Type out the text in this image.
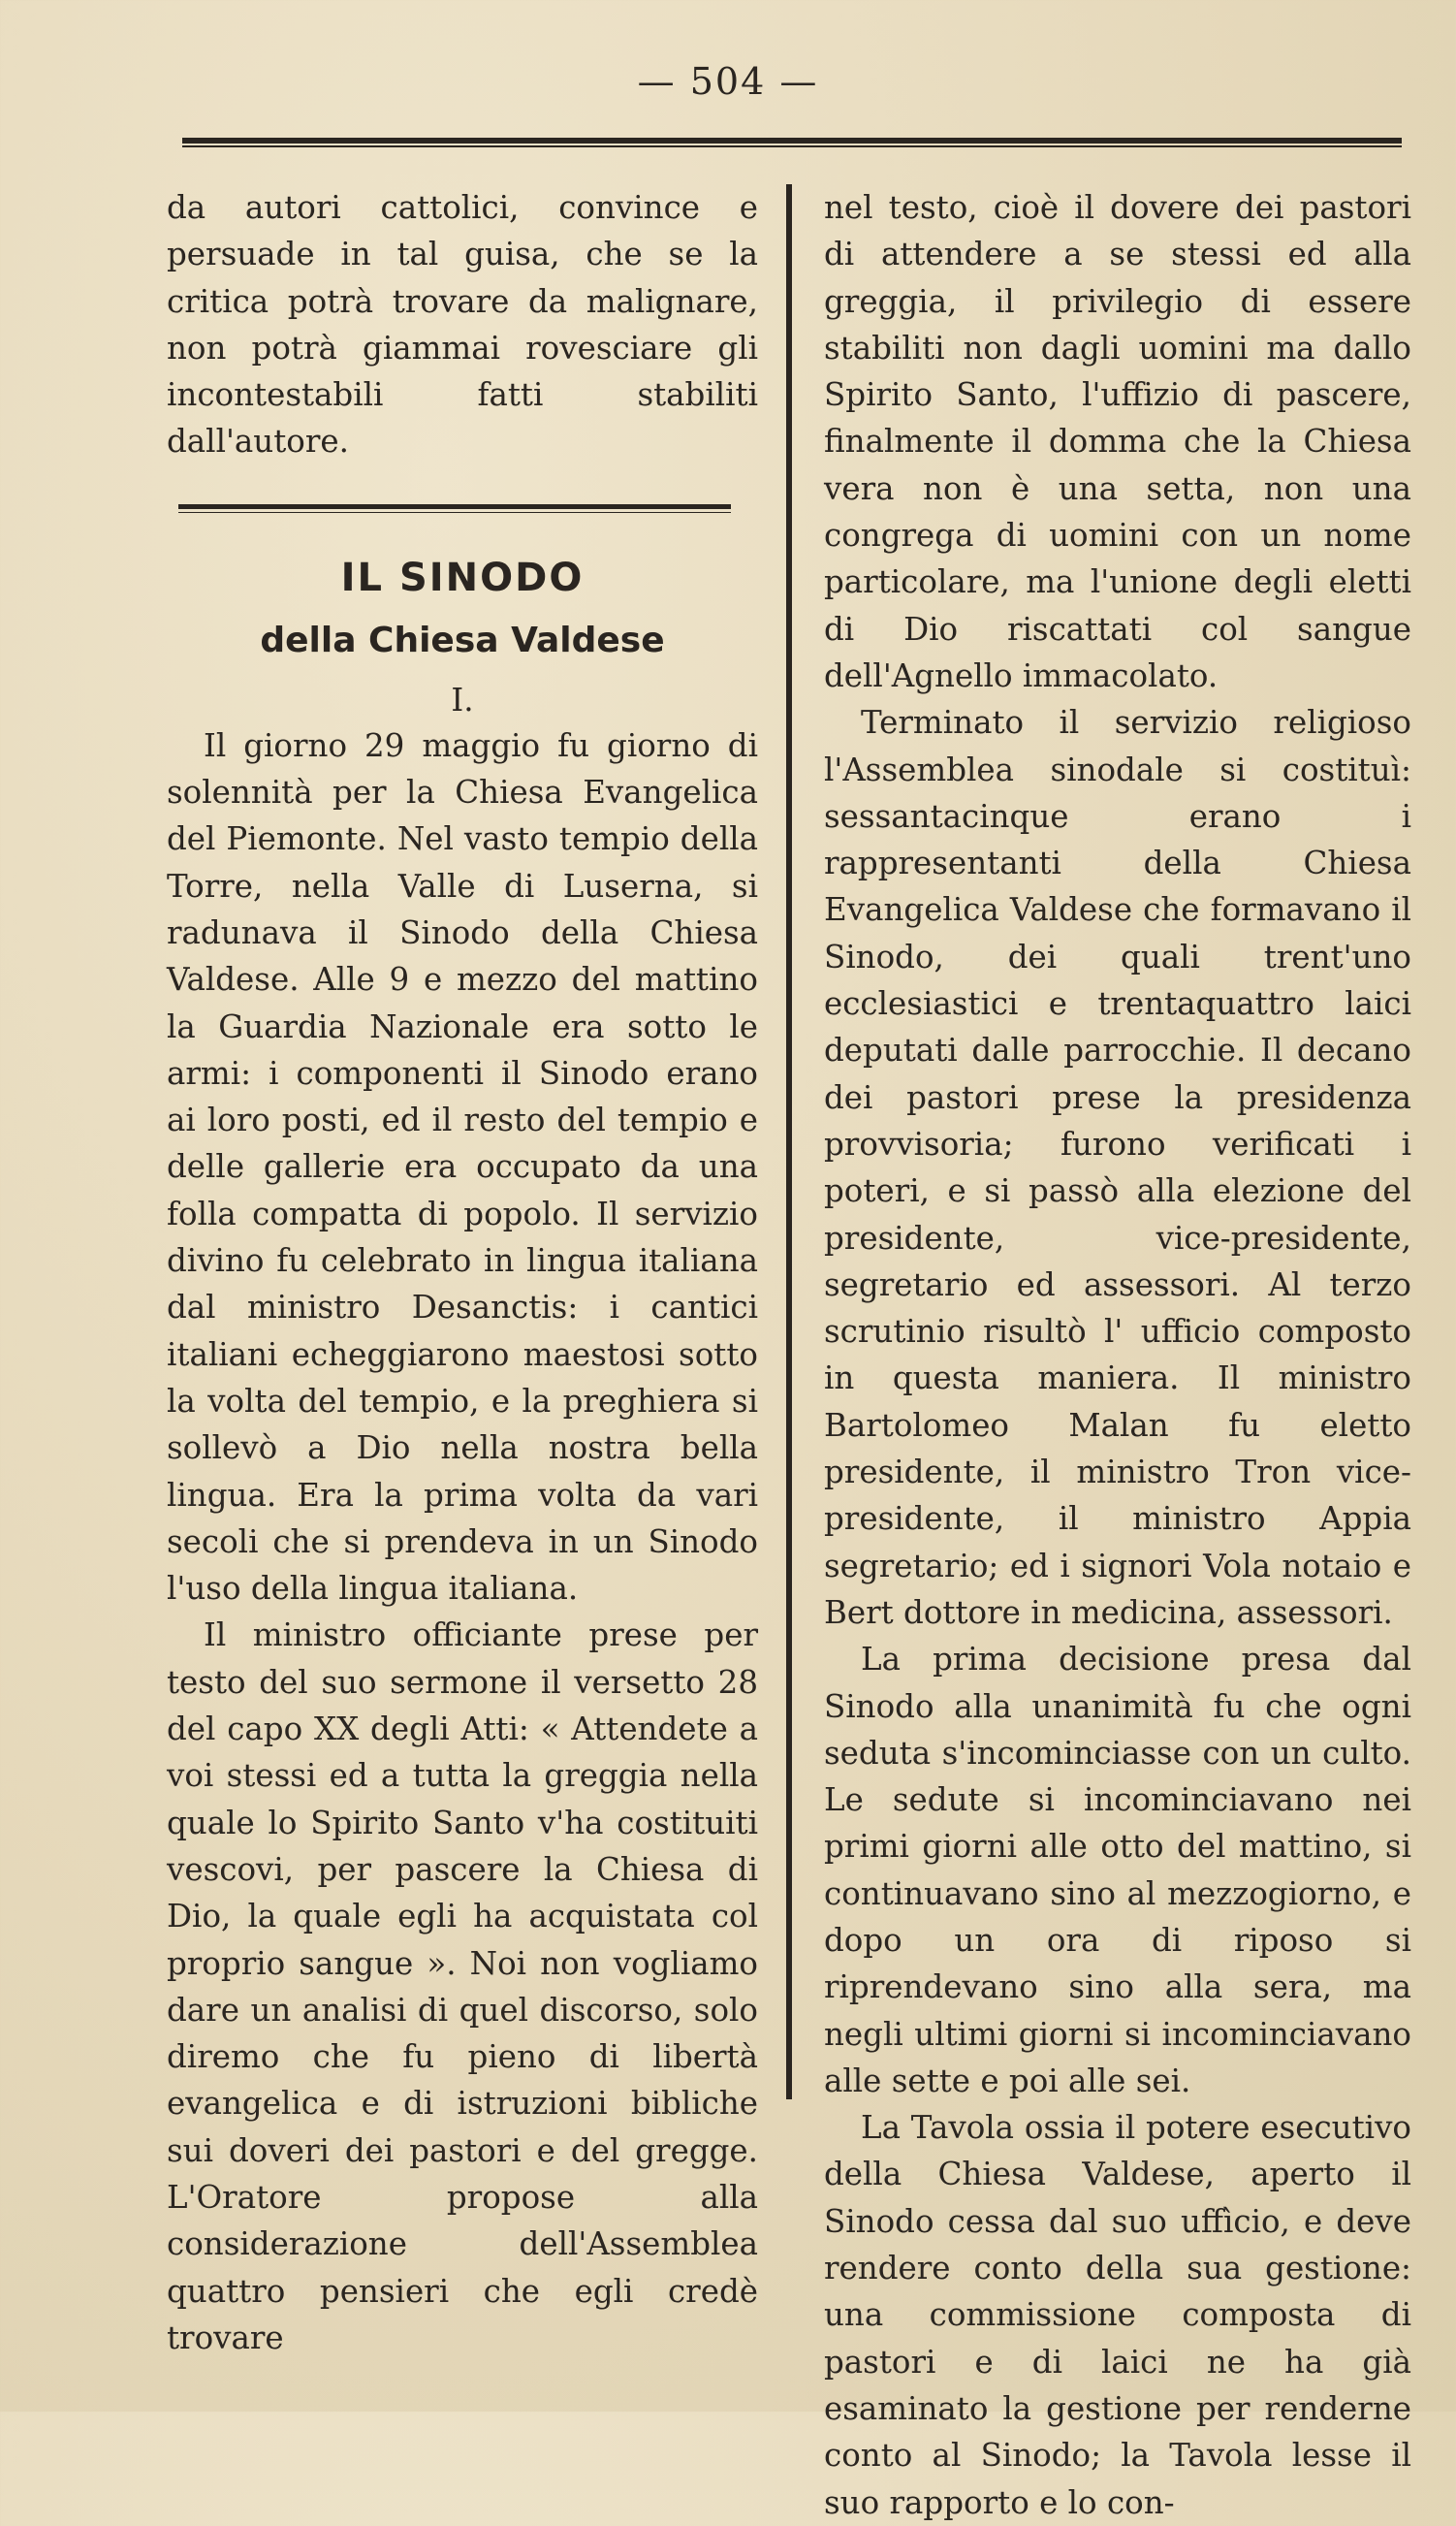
— 504 —

da autori cattolici, convince e persuade in tal guisa, che se la critica potrà trovare da malignare, non potrà giammai rovesciare gli incontestabili fatti stabiliti dall'autore.

IL SINODO
della Chiesa Valdese
I.

Il giorno 29 maggio fu giorno di solennità per la Chiesa Evangelica del Piemonte. Nel vasto tempio della Torre, nella Valle di Luserna, si radunava il Sinodo della Chiesa Valdese. Alle 9 e mezzo del mattino la Guardia Nazionale era sotto le armi: i componenti il Sinodo erano ai loro posti, ed il resto del tempio e delle gallerie era occupato da una folla compatta di popolo. Il servizio divino fu celebrato in lingua italiana dal ministro Desanctis: i cantici italiani echeggiarono maestosi sotto la volta del tempio, e la preghiera si sollevò a Dio nella nostra bella lingua. Era la prima volta da vari secoli che si prendeva in un Sinodo l'uso della lingua italiana.

Il ministro officiante prese per testo del suo sermone il versetto 28 del capo XX degli Atti: « Attendete a voi stessi ed a tutta la greggia nella quale lo Spirito Santo v'ha costituiti vescovi, per pascere la Chiesa di Dio, la quale egli ha acquistata col proprio sangue ». Noi non vogliamo dare un analisi di quel discorso, solo diremo che fu pieno di libertà evangelica e di istruzioni bibliche sui doveri dei pastori e del gregge. L'Oratore propose alla considerazione dell'Assemblea quattro pensieri che egli credè trovare

nel testo, cioè il dovere dei pastori di attendere a se stessi ed alla greggia, il privilegio di essere stabiliti non dagli uomini ma dallo Spirito Santo, l'uffizio di pascere, finalmente il domma che la Chiesa vera non è una setta, non una congrega di uomini con un nome particolare, ma l'unione degli eletti di Dio riscattati col sangue dell'Agnello immacolato.

Terminato il servizio religioso l'Assemblea sinodale si costituì: sessantacinque erano i rappresentanti della Chiesa Evangelica Valdese che formavano il Sinodo, dei quali trent'uno ecclesiastici e trentaquattro laici deputati dalle parrocchie. Il decano dei pastori prese la presidenza provvisoria; furono verificati i poteri, e si passò alla elezione del presidente, vice-presidente, segretario ed assessori. Al terzo scrutinio risultò l' ufficio composto in questa maniera. Il ministro Bartolomeo Malan fu eletto presidente, il ministro Tron vice-presidente, il ministro Appia segretario; ed i signori Vola notaio e Bert dottore in medicina, assessori.

La prima decisione presa dal Sinodo alla unanimità fu che ogni seduta s'incominciasse con un culto. Le sedute si incominciavano nei primi giorni alle otto del mattino, si continuavano sino al mezzogiorno, e dopo un ora di riposo si riprendevano sino alla sera, ma negli ultimi giorni si incominciavano alle sette e poi alle sei.

La Tavola ossia il potere esecutivo della Chiesa Valdese, aperto il Sinodo cessa dal suo uffìcio, e deve rendere conto della sua gestione: una commissione composta di pastori e di laici ne ha già esaminato la gestione per renderne conto al Sinodo; la Tavola lesse il suo rapporto e lo con-
